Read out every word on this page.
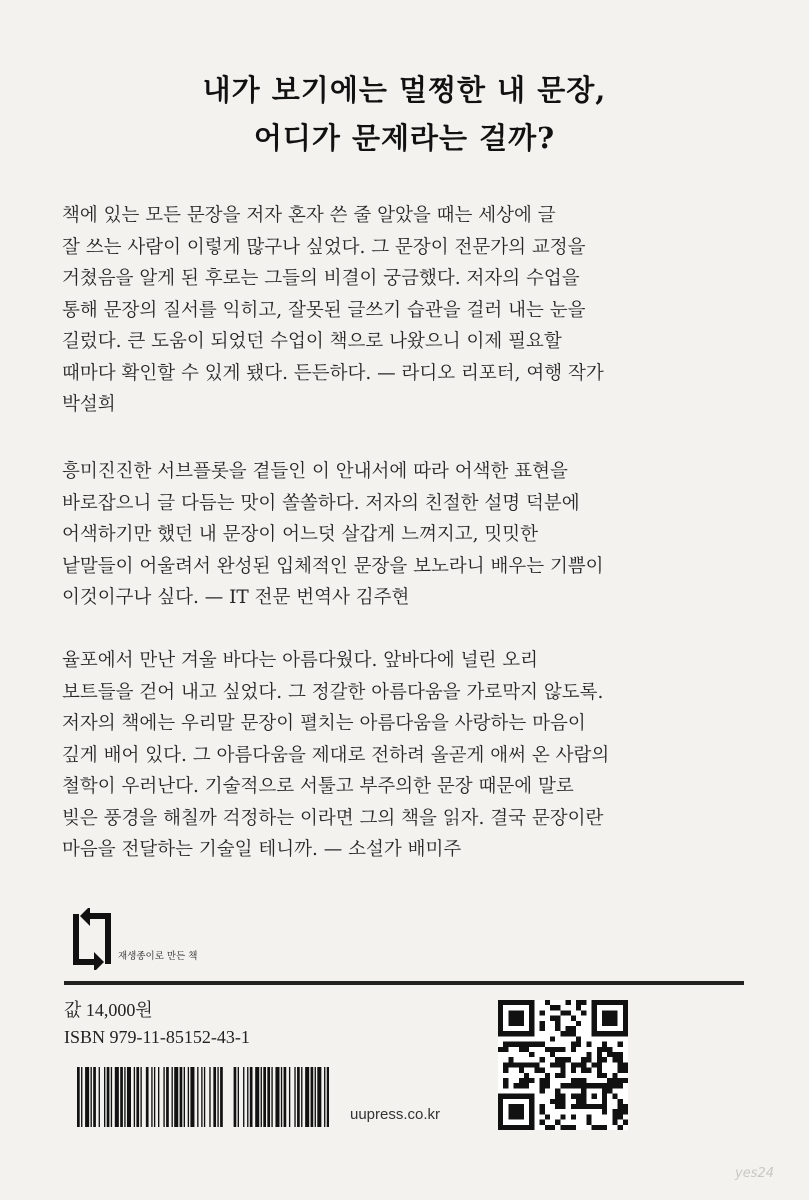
내가 보기에는 멀쩡한 내 문장,
어디가 문제라는 걸까?
책에 있는 모든 문장을 저자 혼자 쓴 줄 알았을 때는 세상에 글
잘 쓰는 사람이 이렇게 많구나 싶었다. 그 문장이 전문가의 교정을
거쳤음을 알게 된 후로는 그들의 비결이 궁금했다. 저자의 수업을
통해 문장의 질서를 익히고, 잘못된 글쓰기 습관을 걸러 내는 눈을
길렀다. 큰 도움이 되었던 수업이 책으로 나왔으니 이제 필요할
때마다 확인할 수 있게 됐다. 든든하다. — 라디오 리포터, 여행 작가
박설희
흥미진진한 서브플롯을 곁들인 이 안내서에 따라 어색한 표현을
바로잡으니 글 다듬는 맛이 쏠쏠하다. 저자의 친절한 설명 덕분에
어색하기만 했던 내 문장이 어느덧 살갑게 느껴지고, 밋밋한
낱말들이 어울려서 완성된 입체적인 문장을 보노라니 배우는 기쁨이
이것이구나 싶다. — IT 전문 번역사 김주현
율포에서 만난 겨울 바다는 아름다웠다. 앞바다에 널린 오리
보트들을 걷어 내고 싶었다. 그 정갈한 아름다움을 가로막지 않도록.
저자의 책에는 우리말 문장이 펼치는 아름다움을 사랑하는 마음이
깊게 배어 있다. 그 아름다움을 제대로 전하려 올곧게 애써 온 사람의
철학이 우러난다. 기술적으로 서툴고 부주의한 문장 때문에 말로
빚은 풍경을 해칠까 걱정하는 이라면 그의 책을 읽자. 결국 문장이란
마음을 전달하는 기술일 테니까. — 소설가 배미주
재생종이로 만든 책
값 14,000원
ISBN 979-11-85152-43-1
uupress.co.kr
yes24
